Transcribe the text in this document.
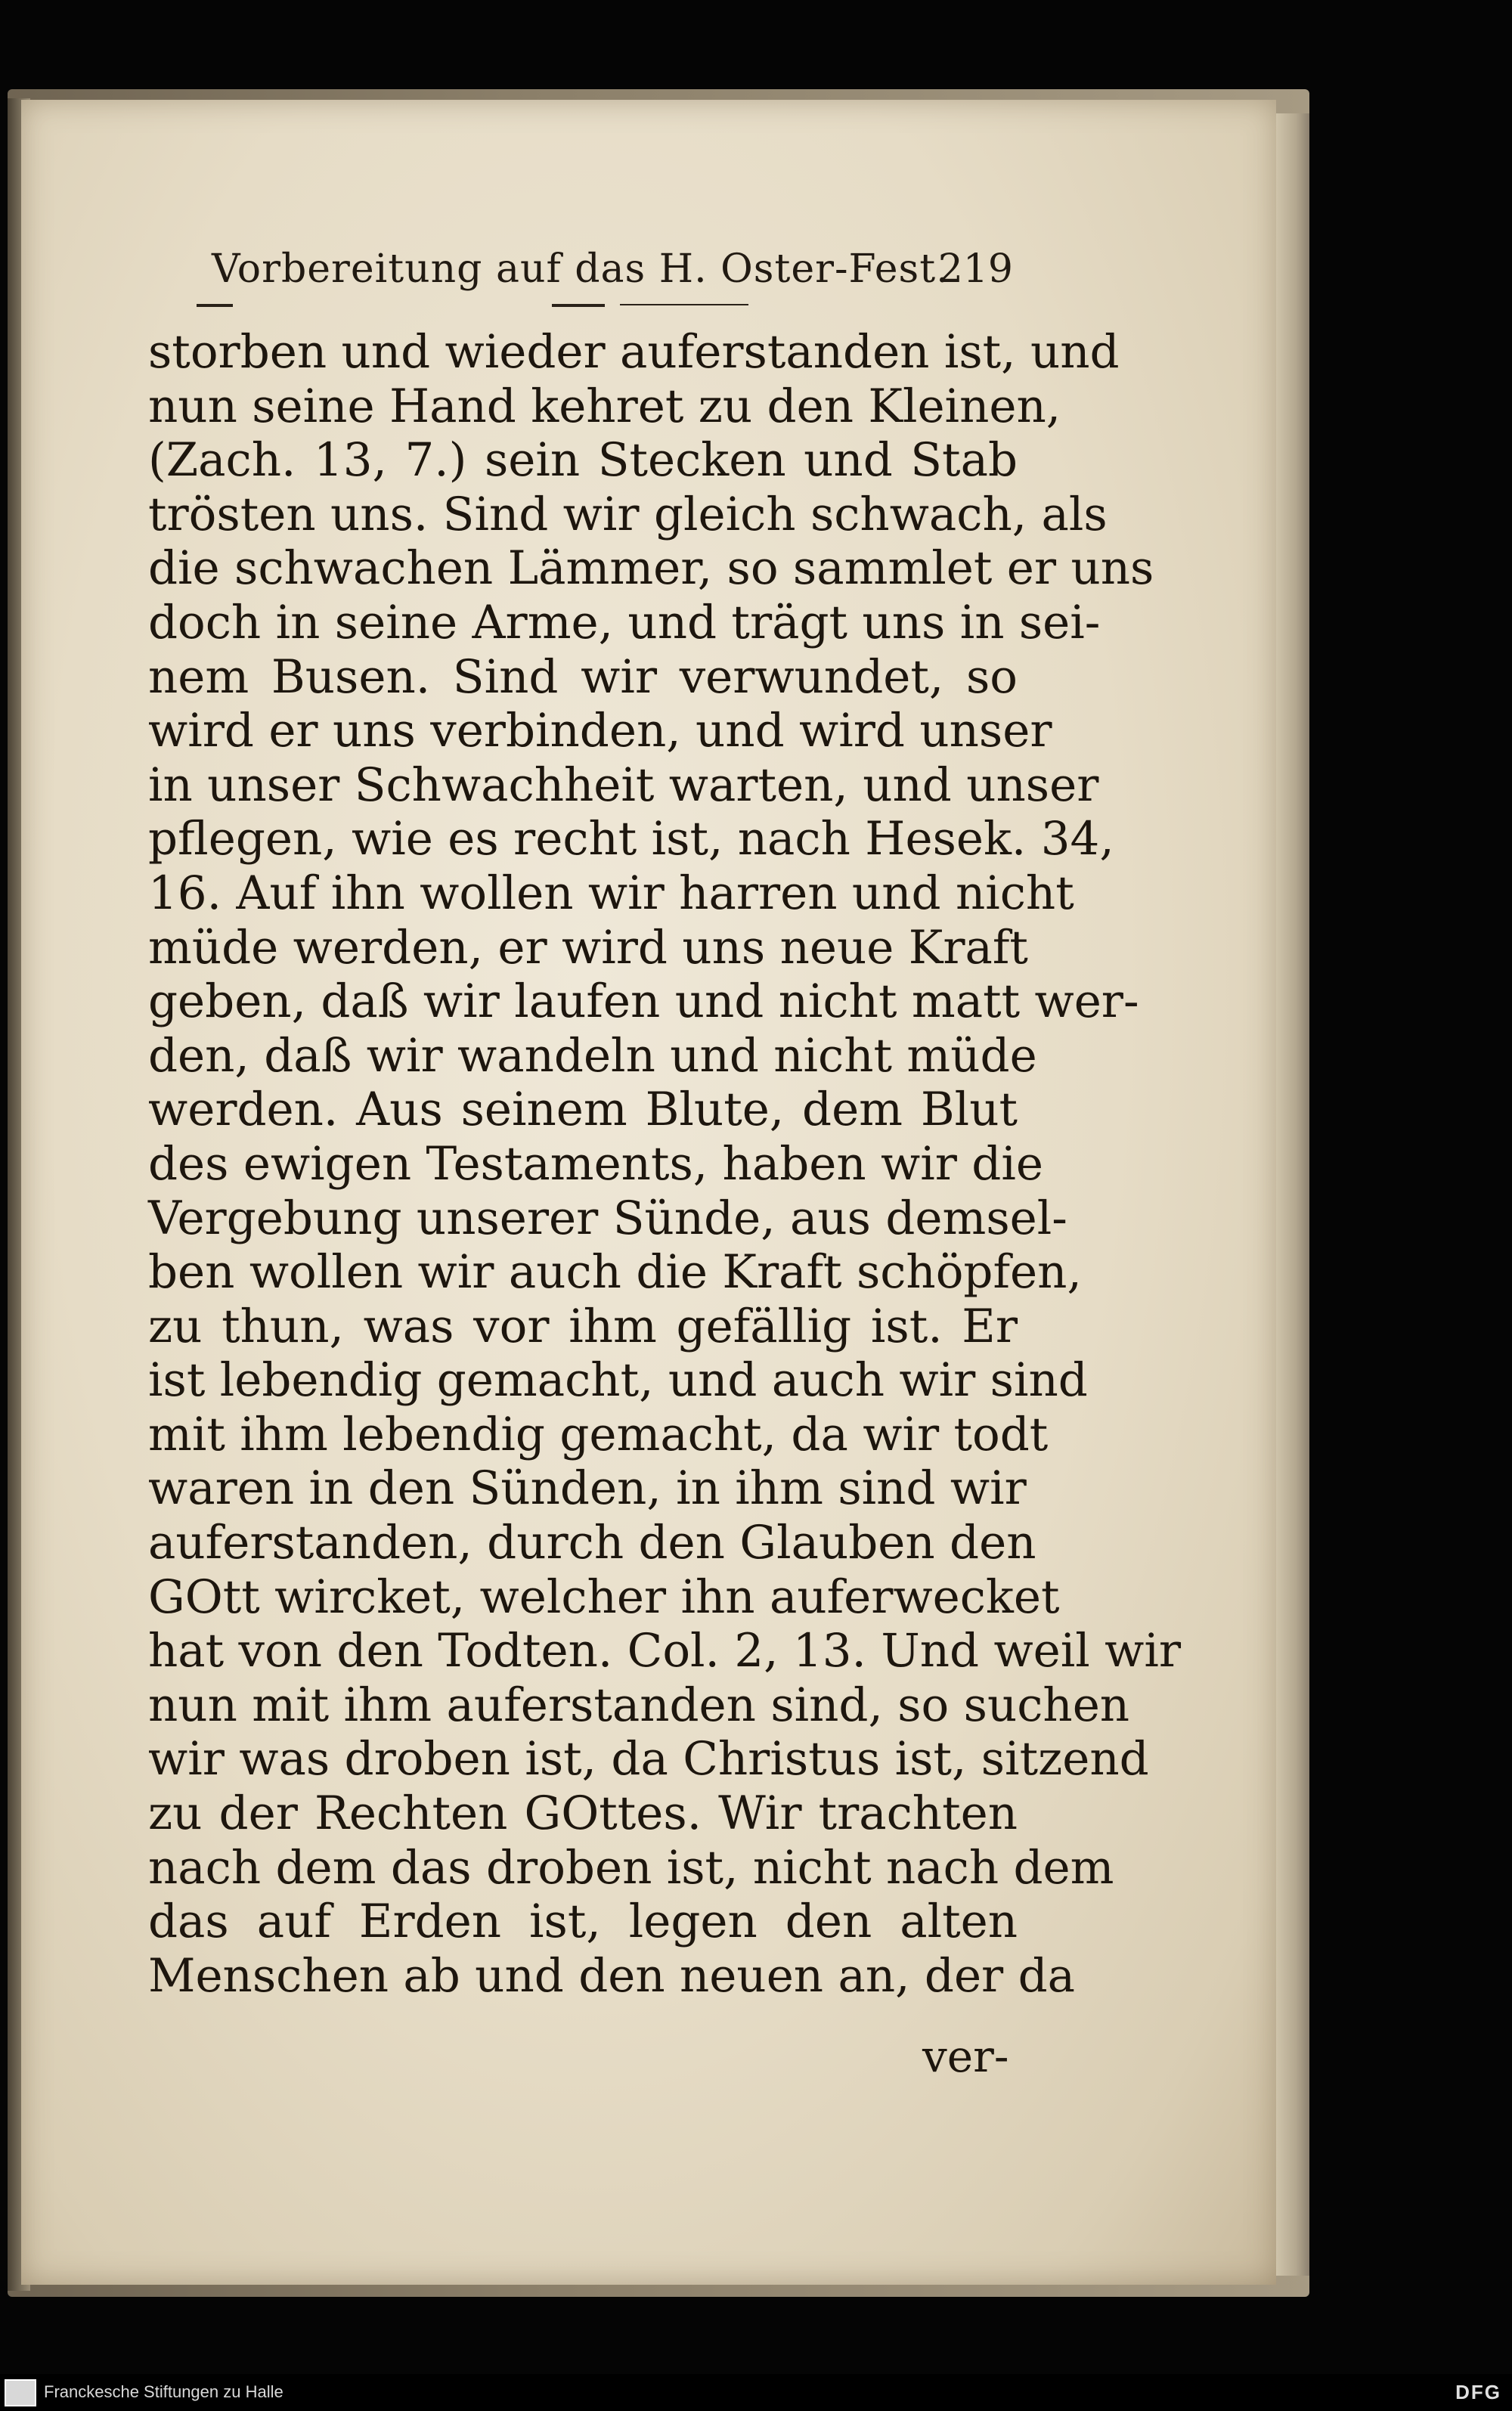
Vorbereitung auf das H. Oster-Fest.
219
storben und wieder auferstanden ist, und
nun seine Hand kehret zu den Kleinen,
(Zach. 13, 7.) sein Stecken und Stab
trösten uns. Sind wir gleich schwach, als
die schwachen Lämmer, so sammlet er uns
doch in seine Arme, und trägt uns in sei-
nem Busen. Sind wir verwundet, so
wird er uns verbinden, und wird unser
in unser Schwachheit warten, und unser
pflegen, wie es recht ist, nach Hesek. 34,
16. Auf ihn wollen wir harren und nicht
müde werden, er wird uns neue Kraft
geben, daß wir laufen und nicht matt wer-
den, daß wir wandeln und nicht müde
werden. Aus seinem Blute, dem Blut
des ewigen Testaments, haben wir die
Vergebung unserer Sünde, aus demsel-
ben wollen wir auch die Kraft schöpfen,
zu thun, was vor ihm gefällig ist. Er
ist lebendig gemacht, und auch wir sind
mit ihm lebendig gemacht, da wir todt
waren in den Sünden, in ihm sind wir
auferstanden, durch den Glauben den
GOtt wircket, welcher ihn auferwecket
hat von den Todten. Col. 2, 13. Und weil wir
nun mit ihm auferstanden sind, so suchen
wir was droben ist, da Christus ist, sitzend
zu der Rechten GOttes. Wir trachten
nach dem das droben ist, nicht nach dem
das auf Erden ist, legen den alten
Menschen ab und den neuen an, der da
ver-
Franckesche Stiftungen zu Halle	DFG
